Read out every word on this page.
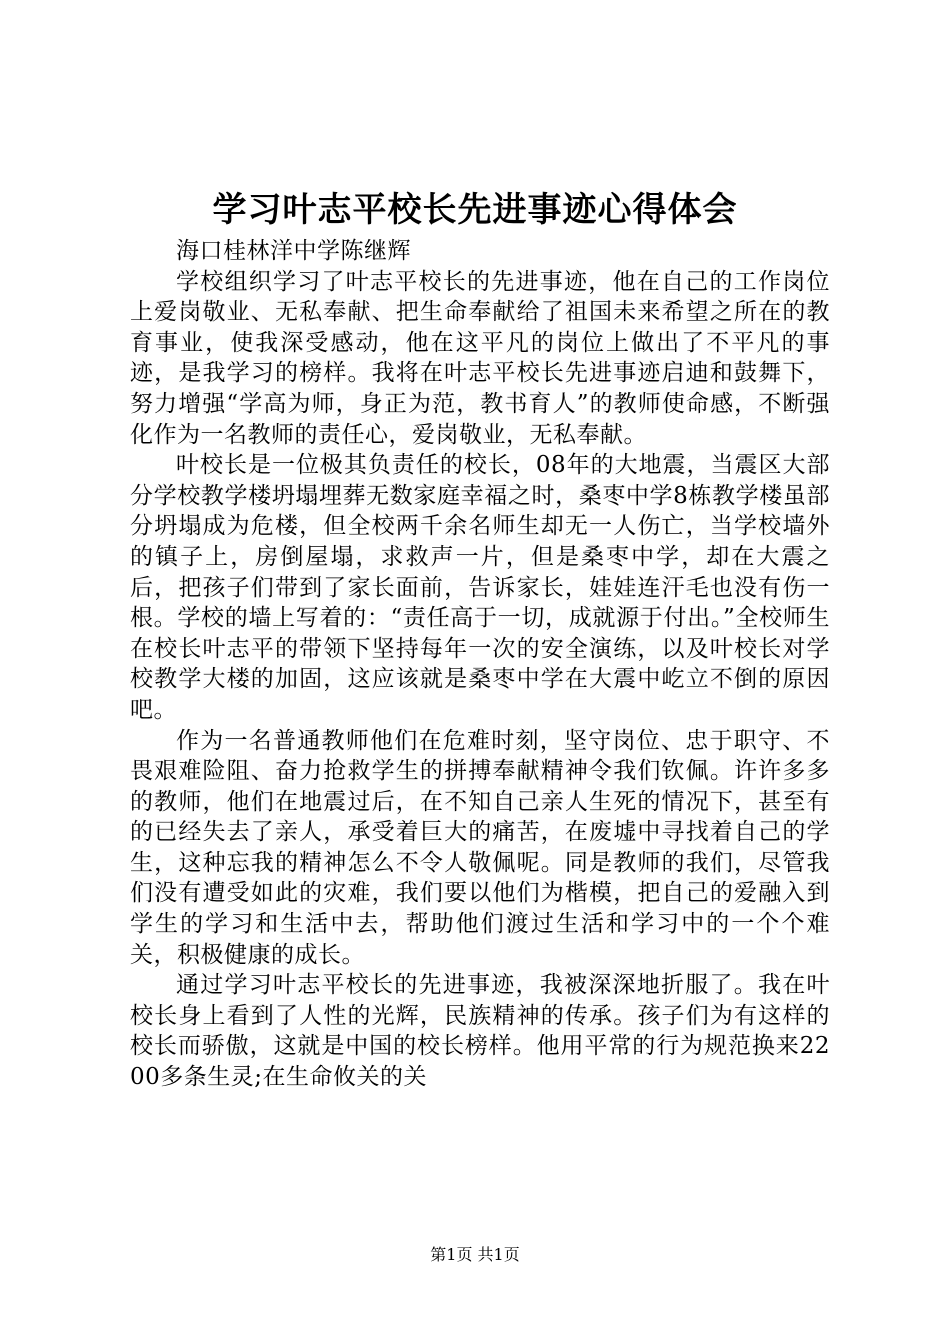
学习叶志平校长先进事迹心得体会

海口桂林洋中学陈继辉

学校组织学习了叶志平校长的先进事迹，他在自己的工作岗位上爱岗敬业、无私奉献、把生命奉献给了祖国未来希望之所在的教育事业，使我深受感动，他在这平凡的岗位上做出了不平凡的事迹，是我学习的榜样。我将在叶志平校长先进事迹启迪和鼓舞下，努力增强“学高为师，身正为范，教书育人”的教师使命感，不断强化作为一名教师的责任心，爱岗敬业，无私奉献。

叶校长是一位极其负责任的校长，08年的大地震，当震区大部分学校教学楼坍塌埋葬无数家庭幸福之时，桑枣中学8栋教学楼虽部分坍塌成为危楼，但全校两千余名师生却无一人伤亡，当学校墙外的镇子上，房倒屋塌，求救声一片，但是桑枣中学，却在大震之后，把孩子们带到了家长面前，告诉家长，娃娃连汗毛也没有伤一根。学校的墙上写着的：“责任高于一切，成就源于付出。”全校师生在校长叶志平的带领下坚持每年一次的安全演练，以及叶校长对学校教学大楼的加固，这应该就是桑枣中学在大震中屹立不倒的原因吧。

作为一名普通教师他们在危难时刻，坚守岗位、忠于职守、不畏艰难险阻、奋力抢救学生的拼搏奉献精神令我们钦佩。许许多多的教师，他们在地震过后，在不知自己亲人生死的情况下，甚至有的已经失去了亲人，承受着巨大的痛苦，在废墟中寻找着自己的学生，这种忘我的精神怎么不令人敬佩呢。同是教师的我们，尽管我们没有遭受如此的灾难，我们要以他们为楷模，把自己的爱融入到学生的学习和生活中去，帮助他们渡过生活和学习中的一个个难关，积极健康的成长。

通过学习叶志平校长的先进事迹，我被深深地折服了。我在叶校长身上看到了人性的光辉，民族精神的传承。孩子们为有这样的校长而骄傲，这就是中国的校长榜样。他用平常的行为规范换来2200多条生灵;在生命攸关的关

第1页 共1页
